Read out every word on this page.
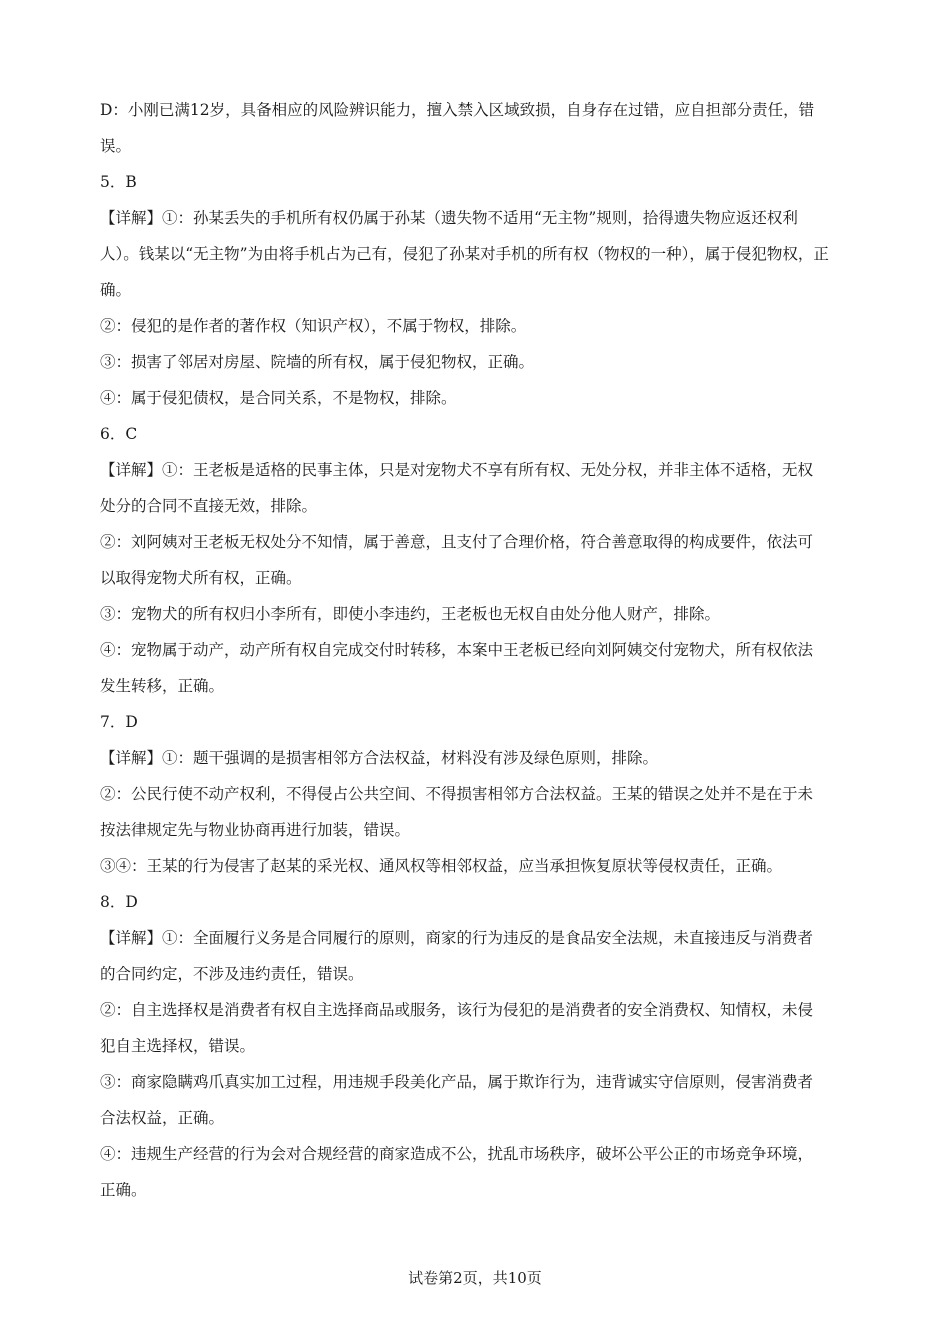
D：小刚已满12岁，具备相应的风险辨识能力，擅入禁入区域致损，自身存在过错，应自担部分责任，错
误。
5．B
【详解】①：孙某丢失的手机所有权仍属于孙某（遗失物不适用“无主物”规则，拾得遗失物应返还权利
人）。钱某以“无主物”为由将手机占为己有，侵犯了孙某对手机的所有权（物权的一种），属于侵犯物权，正
确。
②：侵犯的是作者的著作权（知识产权），不属于物权，排除。
③：损害了邻居对房屋、院墙的所有权，属于侵犯物权，正确。
④：属于侵犯债权，是合同关系，不是物权，排除。
6．C
【详解】①：王老板是适格的民事主体，只是对宠物犬不享有所有权、无处分权，并非主体不适格，无权
处分的合同不直接无效，排除。
②：刘阿姨对王老板无权处分不知情，属于善意，且支付了合理价格，符合善意取得的构成要件，依法可
以取得宠物犬所有权，正确。
③：宠物犬的所有权归小李所有，即使小李违约，王老板也无权自由处分他人财产，排除。
④：宠物属于动产，动产所有权自完成交付时转移，本案中王老板已经向刘阿姨交付宠物犬，所有权依法
发生转移，正确。
7．D
【详解】①：题干强调的是损害相邻方合法权益，材料没有涉及绿色原则，排除。
②：公民行使不动产权利，不得侵占公共空间、不得损害相邻方合法权益。王某的错误之处并不是在于未
按法律规定先与物业协商再进行加装，错误。
③④：王某的行为侵害了赵某的采光权、通风权等相邻权益，应当承担恢复原状等侵权责任，正确。
8．D
【详解】①：全面履行义务是合同履行的原则，商家的行为违反的是食品安全法规，未直接违反与消费者
的合同约定，不涉及违约责任，错误。
②：自主选择权是消费者有权自主选择商品或服务，该行为侵犯的是消费者的安全消费权、知情权，未侵
犯自主选择权，错误。
③：商家隐瞒鸡爪真实加工过程，用违规手段美化产品，属于欺诈行为，违背诚实守信原则，侵害消费者
合法权益，正确。
④：违规生产经营的行为会对合规经营的商家造成不公，扰乱市场秩序，破坏公平公正的市场竞争环境，
正确。
试卷第2页，共10页
